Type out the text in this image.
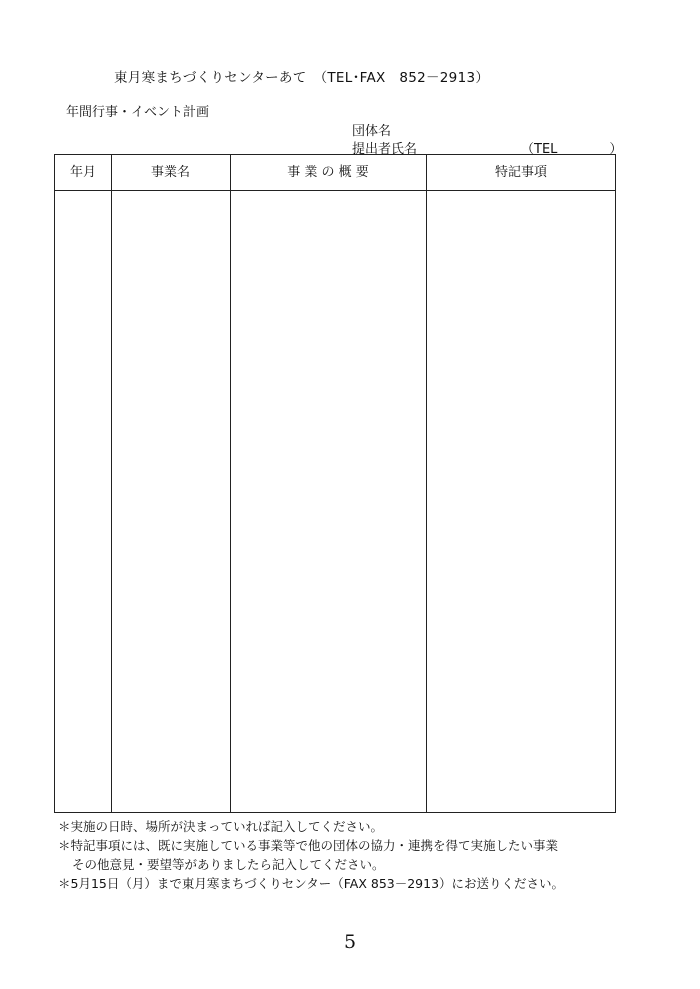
東月寒まちづくりセンターあて　（TEL･FAX　852－2913）
年間行事・イベント計画
団体名
提出者氏名	（TEL　　　　）
年月	事業名	事 業 の 概 要	特記事項
＊実施の日時、場所が決まっていれば記入してください。
＊特記事項には、既に実施している事業等で他の団体の協力・連携を得て実施したい事業
その他意見・要望等がありましたら記入してください。
＊5月15日（月）まで東月寒まちづくりセンター（FAX 853－2913）にお送りください。
5
